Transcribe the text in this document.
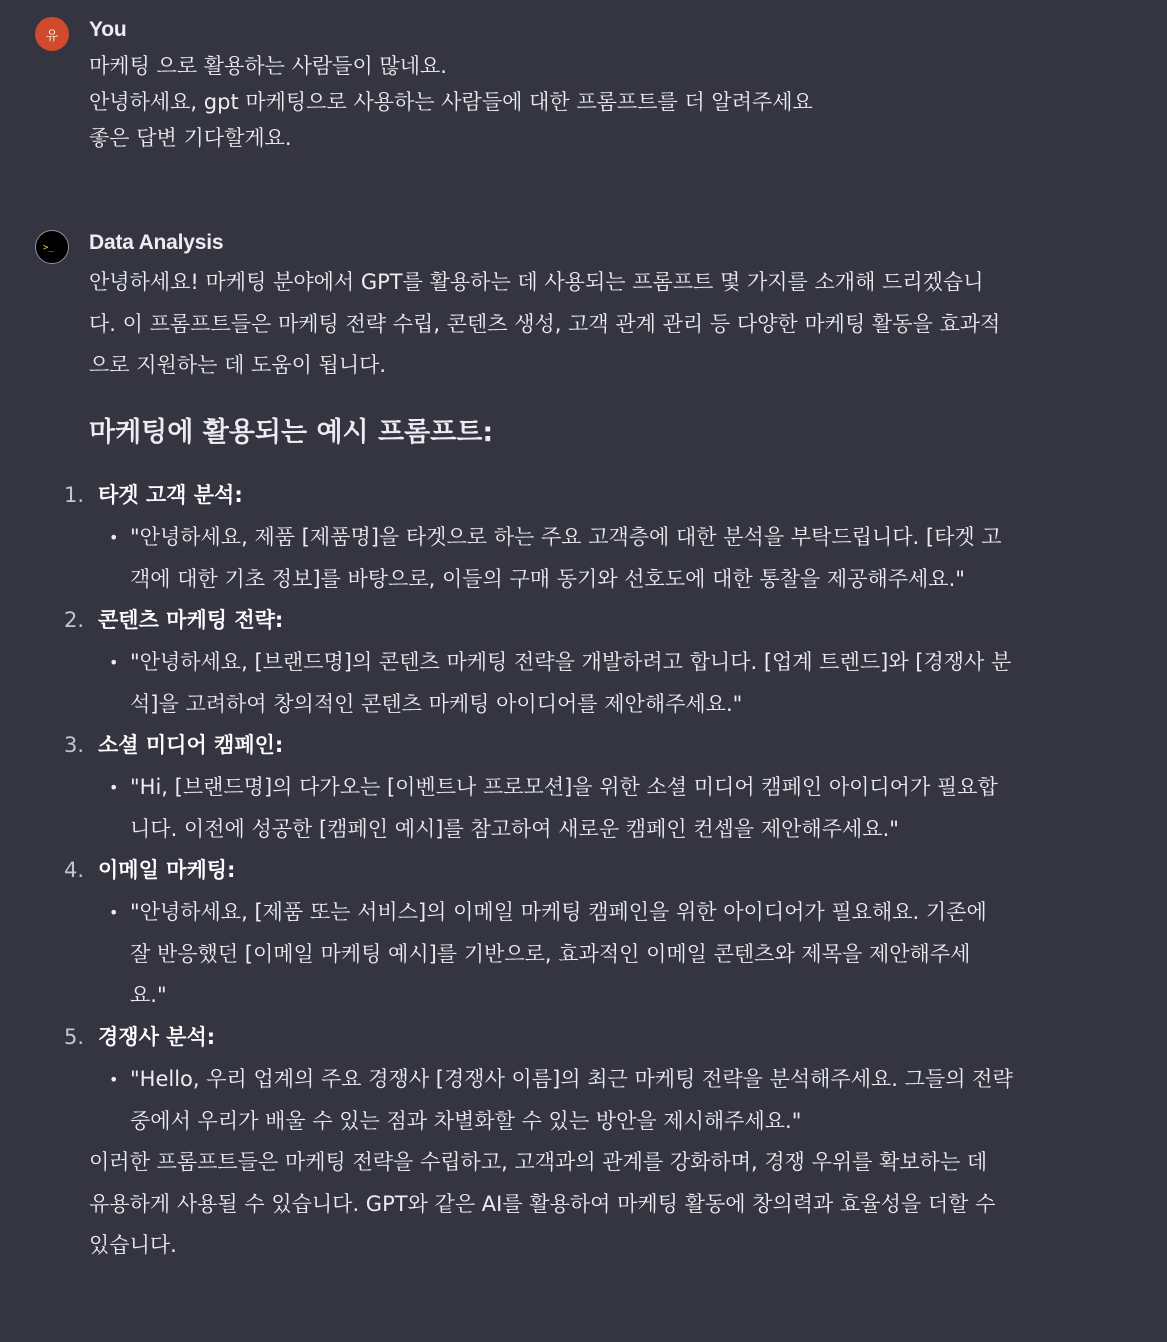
유 You

마케팅 으로 활용하는 사람들이 많네요.

안녕하세요, gpt 마케팅으로 사용하는 사람들에 대한 프롬프트를 더 알려주세요

좋은 답변 기다할게요.

>_ Data Analysis

안녕하세요! 마케팅 분야에서 GPT를 활용하는 데 사용되는 프롬프트 몇 가지를 소개해 드리겠습니

다. 이 프롬프트들은 마케팅 전략 수립, 콘텐츠 생성, 고객 관계 관리 등 다양한 마케팅 활동을 효과적

으로 지원하는 데 도움이 됩니다.

마케팅에 활용되는 예시 프롬프트:
1. 타겟 고객 분석:
• "안녕하세요, 제품 [제품명]을 타겟으로 하는 주요 고객층에 대한 분석을 부탁드립니다. [타겟 고

객에 대한 기초 정보]를 바탕으로, 이들의 구매 동기와 선호도에 대한 통찰을 제공해주세요."

2. 콘텐츠 마케팅 전략:
• "안녕하세요, [브랜드명]의 콘텐츠 마케팅 전략을 개발하려고 합니다. [업계 트렌드]와 [경쟁사 분

석]을 고려하여 창의적인 콘텐츠 마케팅 아이디어를 제안해주세요."

3. 소셜 미디어 캠페인:
• "Hi, [브랜드명]의 다가오는 [이벤트나 프로모션]을 위한 소셜 미디어 캠페인 아이디어가 필요합

니다. 이전에 성공한 [캠페인 예시]를 참고하여 새로운 캠페인 컨셉을 제안해주세요."

4. 이메일 마케팅:
• "안녕하세요, [제품 또는 서비스]의 이메일 마케팅 캠페인을 위한 아이디어가 필요해요. 기존에

잘 반응했던 [이메일 마케팅 예시]를 기반으로, 효과적인 이메일 콘텐츠와 제목을 제안해주세

요."

5. 경쟁사 분석:
• "Hello, 우리 업계의 주요 경쟁사 [경쟁사 이름]의 최근 마케팅 전략을 분석해주세요. 그들의 전략

중에서 우리가 배울 수 있는 점과 차별화할 수 있는 방안을 제시해주세요."

이러한 프롬프트들은 마케팅 전략을 수립하고, 고객과의 관계를 강화하며, 경쟁 우위를 확보하는 데

유용하게 사용될 수 있습니다. GPT와 같은 AI를 활용하여 마케팅 활동에 창의력과 효율성을 더할 수

있습니다.
